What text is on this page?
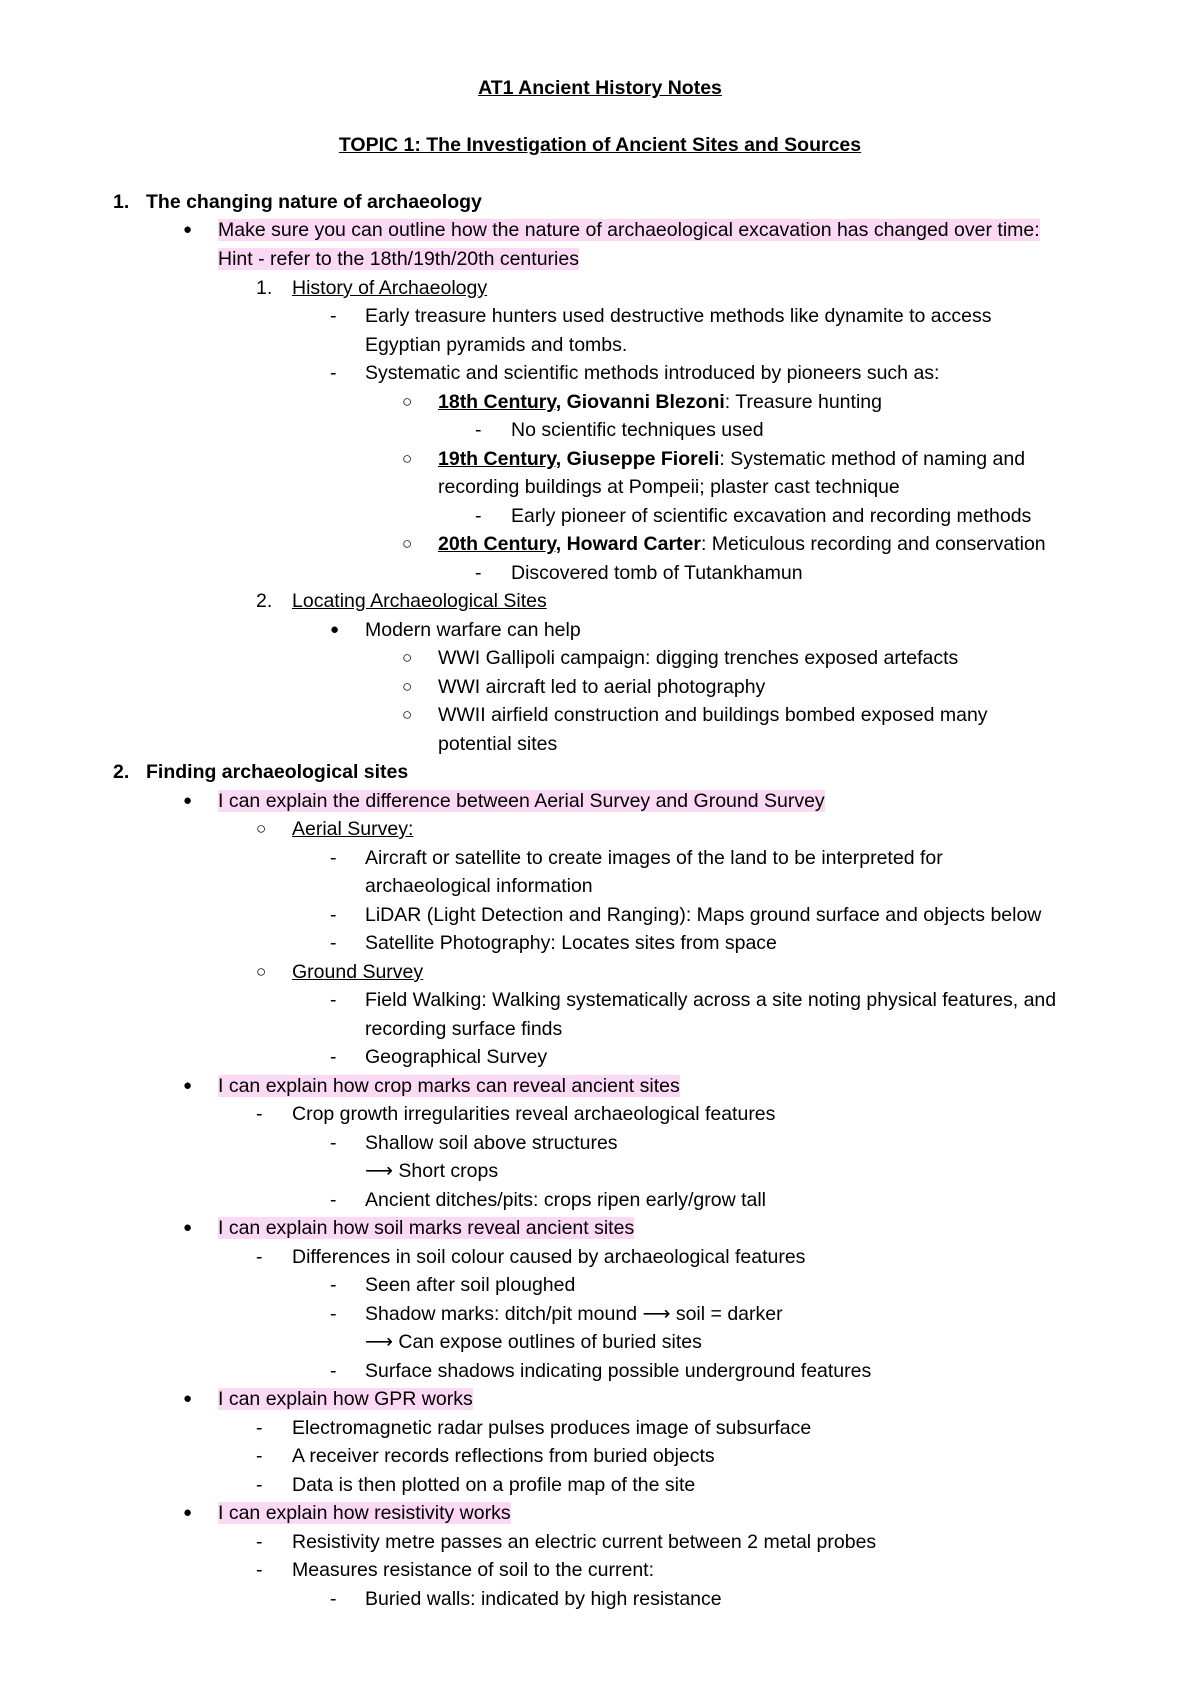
AT1 Ancient History Notes
TOPIC 1: The Investigation of Ancient Sites and Sources
1. The changing nature of archaeology
● Make sure you can outline how the nature of archaeological excavation has changed over time:
Hint - refer to the 18th/19th/20th centuries
1. History of Archaeology
- Early treasure hunters used destructive methods like dynamite to access
Egyptian pyramids and tombs.
- Systematic and scientific methods introduced by pioneers such as:
○ 18th Century, Giovanni Blezoni: Treasure hunting
- No scientific techniques used
○ 19th Century, Giuseppe Fioreli: Systematic method of naming and
recording buildings at Pompeii; plaster cast technique
- Early pioneer of scientific excavation and recording methods
○ 20th Century, Howard Carter: Meticulous recording and conservation
- Discovered tomb of Tutankhamun
2. Locating Archaeological Sites
● Modern warfare can help
○ WWI Gallipoli campaign: digging trenches exposed artefacts
○ WWI aircraft led to aerial photography
○ WWII airfield construction and buildings bombed exposed many
potential sites
2. Finding archaeological sites
● I can explain the difference between Aerial Survey and Ground Survey
○ Aerial Survey:
- Aircraft or satellite to create images of the land to be interpreted for
archaeological information
- LiDAR (Light Detection and Ranging): Maps ground surface and objects below
- Satellite Photography: Locates sites from space
○ Ground Survey
- Field Walking: Walking systematically across a site noting physical features, and
recording surface finds
- Geographical Survey
● I can explain how crop marks can reveal ancient sites
- Crop growth irregularities reveal archaeological features
- Shallow soil above structures
⟶ Short crops
- Ancient ditches/pits: crops ripen early/grow tall
● I can explain how soil marks reveal ancient sites
- Differences in soil colour caused by archaeological features
- Seen after soil ploughed
- Shadow marks: ditch/pit mound ⟶ soil = darker
⟶ Can expose outlines of buried sites
- Surface shadows indicating possible underground features
● I can explain how GPR works
- Electromagnetic radar pulses produces image of subsurface
- A receiver records reflections from buried objects
- Data is then plotted on a profile map of the site
● I can explain how resistivity works
- Resistivity metre passes an electric current between 2 metal probes
- Measures resistance of soil to the current:
- Buried walls: indicated by high resistance
